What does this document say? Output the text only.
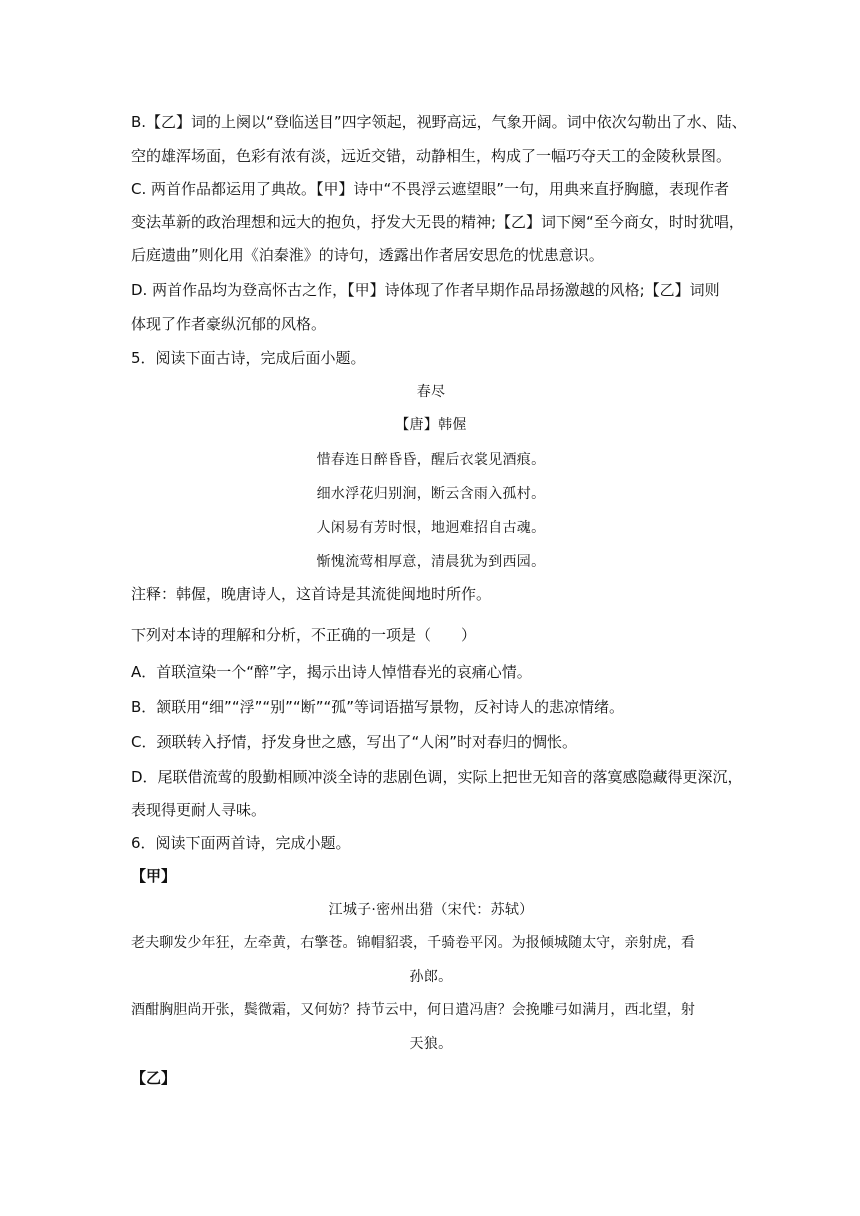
B.【乙】词的上阕以“登临送目”四字领起，视野高远，气象开阔。词中依次勾勒出了水、陆、
空的雄浑场面，色彩有浓有淡，远近交错，动静相生，构成了一幅巧夺天工的金陵秋景图。
C. 两首作品都运用了典故。【甲】诗中“不畏浮云遮望眼”一句，用典来直抒胸臆，表现作者
变法革新的政治理想和远大的抱负，抒发大无畏的精神;【乙】词下阕“至今商女，时时犹唱，
后庭遗曲”则化用《泊秦淮》的诗句，透露出作者居安思危的忧患意识。
D. 两首作品均为登高怀古之作，【甲】诗体现了作者早期作品昂扬激越的风格;【乙】词则
体现了作者豪纵沉郁的风格。
5．阅读下面古诗，完成后面小题。
春尽
【唐】韩偓
惜春连日醉昏昏，醒后衣裳见酒痕。
细水浮花归别涧，断云含雨入孤村。
人闲易有芳时恨，地迥难招自古魂。
惭愧流莺相厚意，清晨犹为到西园。
注释：韩偓，晚唐诗人，这首诗是其流徙闽地时所作。
下列对本诗的理解和分析，不正确的一项是（　　）
A．首联渲染一个“醉”字，揭示出诗人悼惜春光的哀痛心情。
B．颔联用“细”“浮”“别”“断”“孤”等词语描写景物，反衬诗人的悲凉情绪。
C．颈联转入抒情，抒发身世之感，写出了“人闲”时对春归的惆怅。
D．尾联借流莺的殷勤相顾冲淡全诗的悲剧色调，实际上把世无知音的落寞感隐藏得更深沉，
表现得更耐人寻味。
6．阅读下面两首诗，完成小题。
【甲】
江城子·密州出猎（宋代：苏轼）
老夫聊发少年狂，左牵黄，右擎苍。锦帽貂裘，千骑卷平冈。为报倾城随太守，亲射虎，看
孙郎。
酒酣胸胆尚开张，鬓微霜，又何妨？持节云中，何日遣冯唐？会挽雕弓如满月，西北望，射
天狼。
【乙】
